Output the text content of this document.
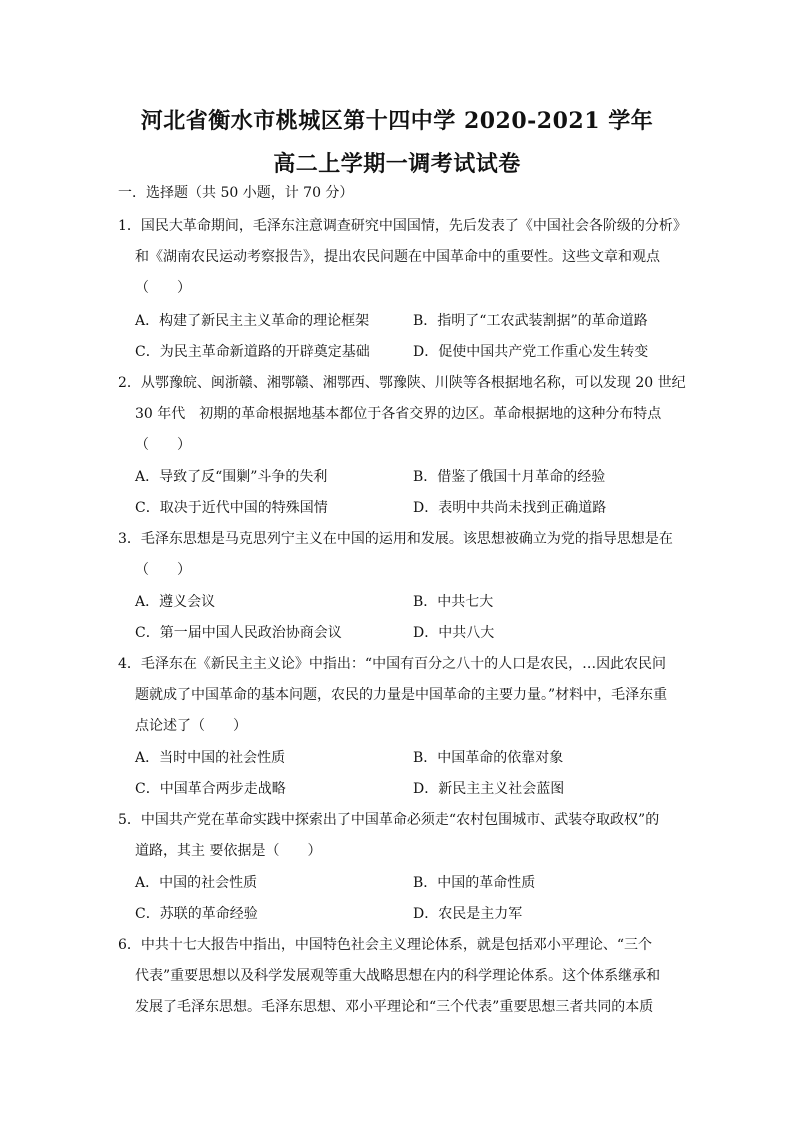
河北省衡水市桃城区第十四中学 2020-2021 学年
高二上学期一调考试试卷
一．选择题（共 50 小题，计 70 分）
1．国民大革命期间，毛泽东注意调查研究中国国情，先后发表了《中国社会各阶级的分析》
和《湖南农民运动考察报告》，提出农民问题在中国革命中的重要性。这些文章和观点
（　　）
A．构建了新民主主义革命的理论框架	B．指明了“工农武装割据”的革命道路
C．为民主革命新道路的开辟奠定基础	D．促使中国共产党工作重心发生转变
2．从鄂豫皖、闽浙赣、湘鄂赣、湘鄂西、鄂豫陕、川陕等各根据地名称，可以发现 20 世纪
30 年代　初期的革命根据地基本都位于各省交界的边区。革命根据地的这种分布特点
（　　）
A．导致了反“围剿”斗争的失利	B．借鉴了俄国十月革命的经验
C．取决于近代中国的特殊国情	D．表明中共尚未找到正确道路
3．毛泽东思想是马克思列宁主义在中国的运用和发展。该思想被确立为党的指导思想是在
（　　）
A．遵义会议	B．中共七大
C．第一届中国人民政治协商会议	D．中共八大
4．毛泽东在《新民主主义论》中指出：“中国有百分之八十的人口是农民，…因此农民问
题就成了中国革命的基本问题，农民的力量是中国革命的主要力量。”材料中，毛泽东重
点论述了（　　）
A．当时中国的社会性质	B．中国革命的依靠对象
C．中国革合两步走战略	D．新民主主义社会蓝图
5．中国共产党在革命实践中探索出了中国革命必须走“农村包围城市、武装夺取政权”的
道路，其主 要依据是（　　）
A．中国的社会性质	B．中国的革命性质
C．苏联的革命经验	D．农民是主力军
6．中共十七大报告中指出，中国特色社会主义理论体系，就是包括邓小平理论、“三个
代表”重要思想以及科学发展观等重大战略思想在内的科学理论体系。这个体系继承和
发展了毛泽东思想。毛泽东思想、邓小平理论和“三个代表”重要思想三者共同的本质
